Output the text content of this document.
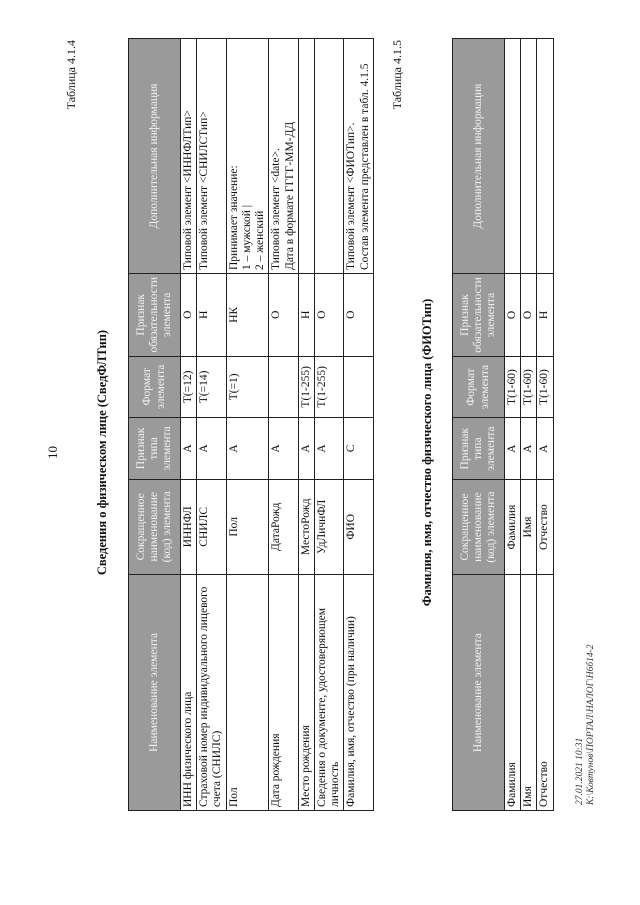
10
Таблица 4.1.4
Сведения о физическом лице (СведФЛТип)
Наименование элемента	Сокращенное наименование (код) элемента	Признак типа элемента	Формат элемента	Признак обязательности элемента	Дополнительная информация
ИНН физического лица	ИННФЛ	А	Т(=12)	О	Типовой элемент <ИННФЛТип>
Страховой номер индивидуального лицевого счета (СНИЛС)	СНИЛС	А	Т(=14)	Н	Типовой элемент <СНИЛСТип>
Пол	Пол	А	Т(=1)	НК	Принимает значение:
1 – мужской |
2 – женский
Дата рождения	ДатаРожд	А		О	Типовой элемент <date>.
Дата в формате ГГГГ-ММ-ДД
Место рождения	МестоРожд	А	Т(1-255)	Н	
Сведения о документе, удостоверяющем личность	УдЛичнФЛ	А	Т(1-255)	О	
Фамилия, имя, отчество (при наличии)	ФИО	С		О	Типовой элемент <ФИОТип>.
Состав элемента представлен в табл. 4.1.5 Таблица 4.1.5
Фамилия, имя, отчество физического лица (ФИОТип)
Наименование элемента	Сокращенное наименование (код) элемента	Признак типа элемента	Формат элемента	Признак обязательности элемента	Дополнительная информация
Фамилия	Фамилия	А	Т(1-60)	О	
Имя	Имя	А	Т(1-60)	О	
Отчество	Отчество	А	Т(1-60)	Н	
27.01.2021 10:31 К:\Ковтунов\ПОРТАЛ\НАЛОГ\Н6б14-2
